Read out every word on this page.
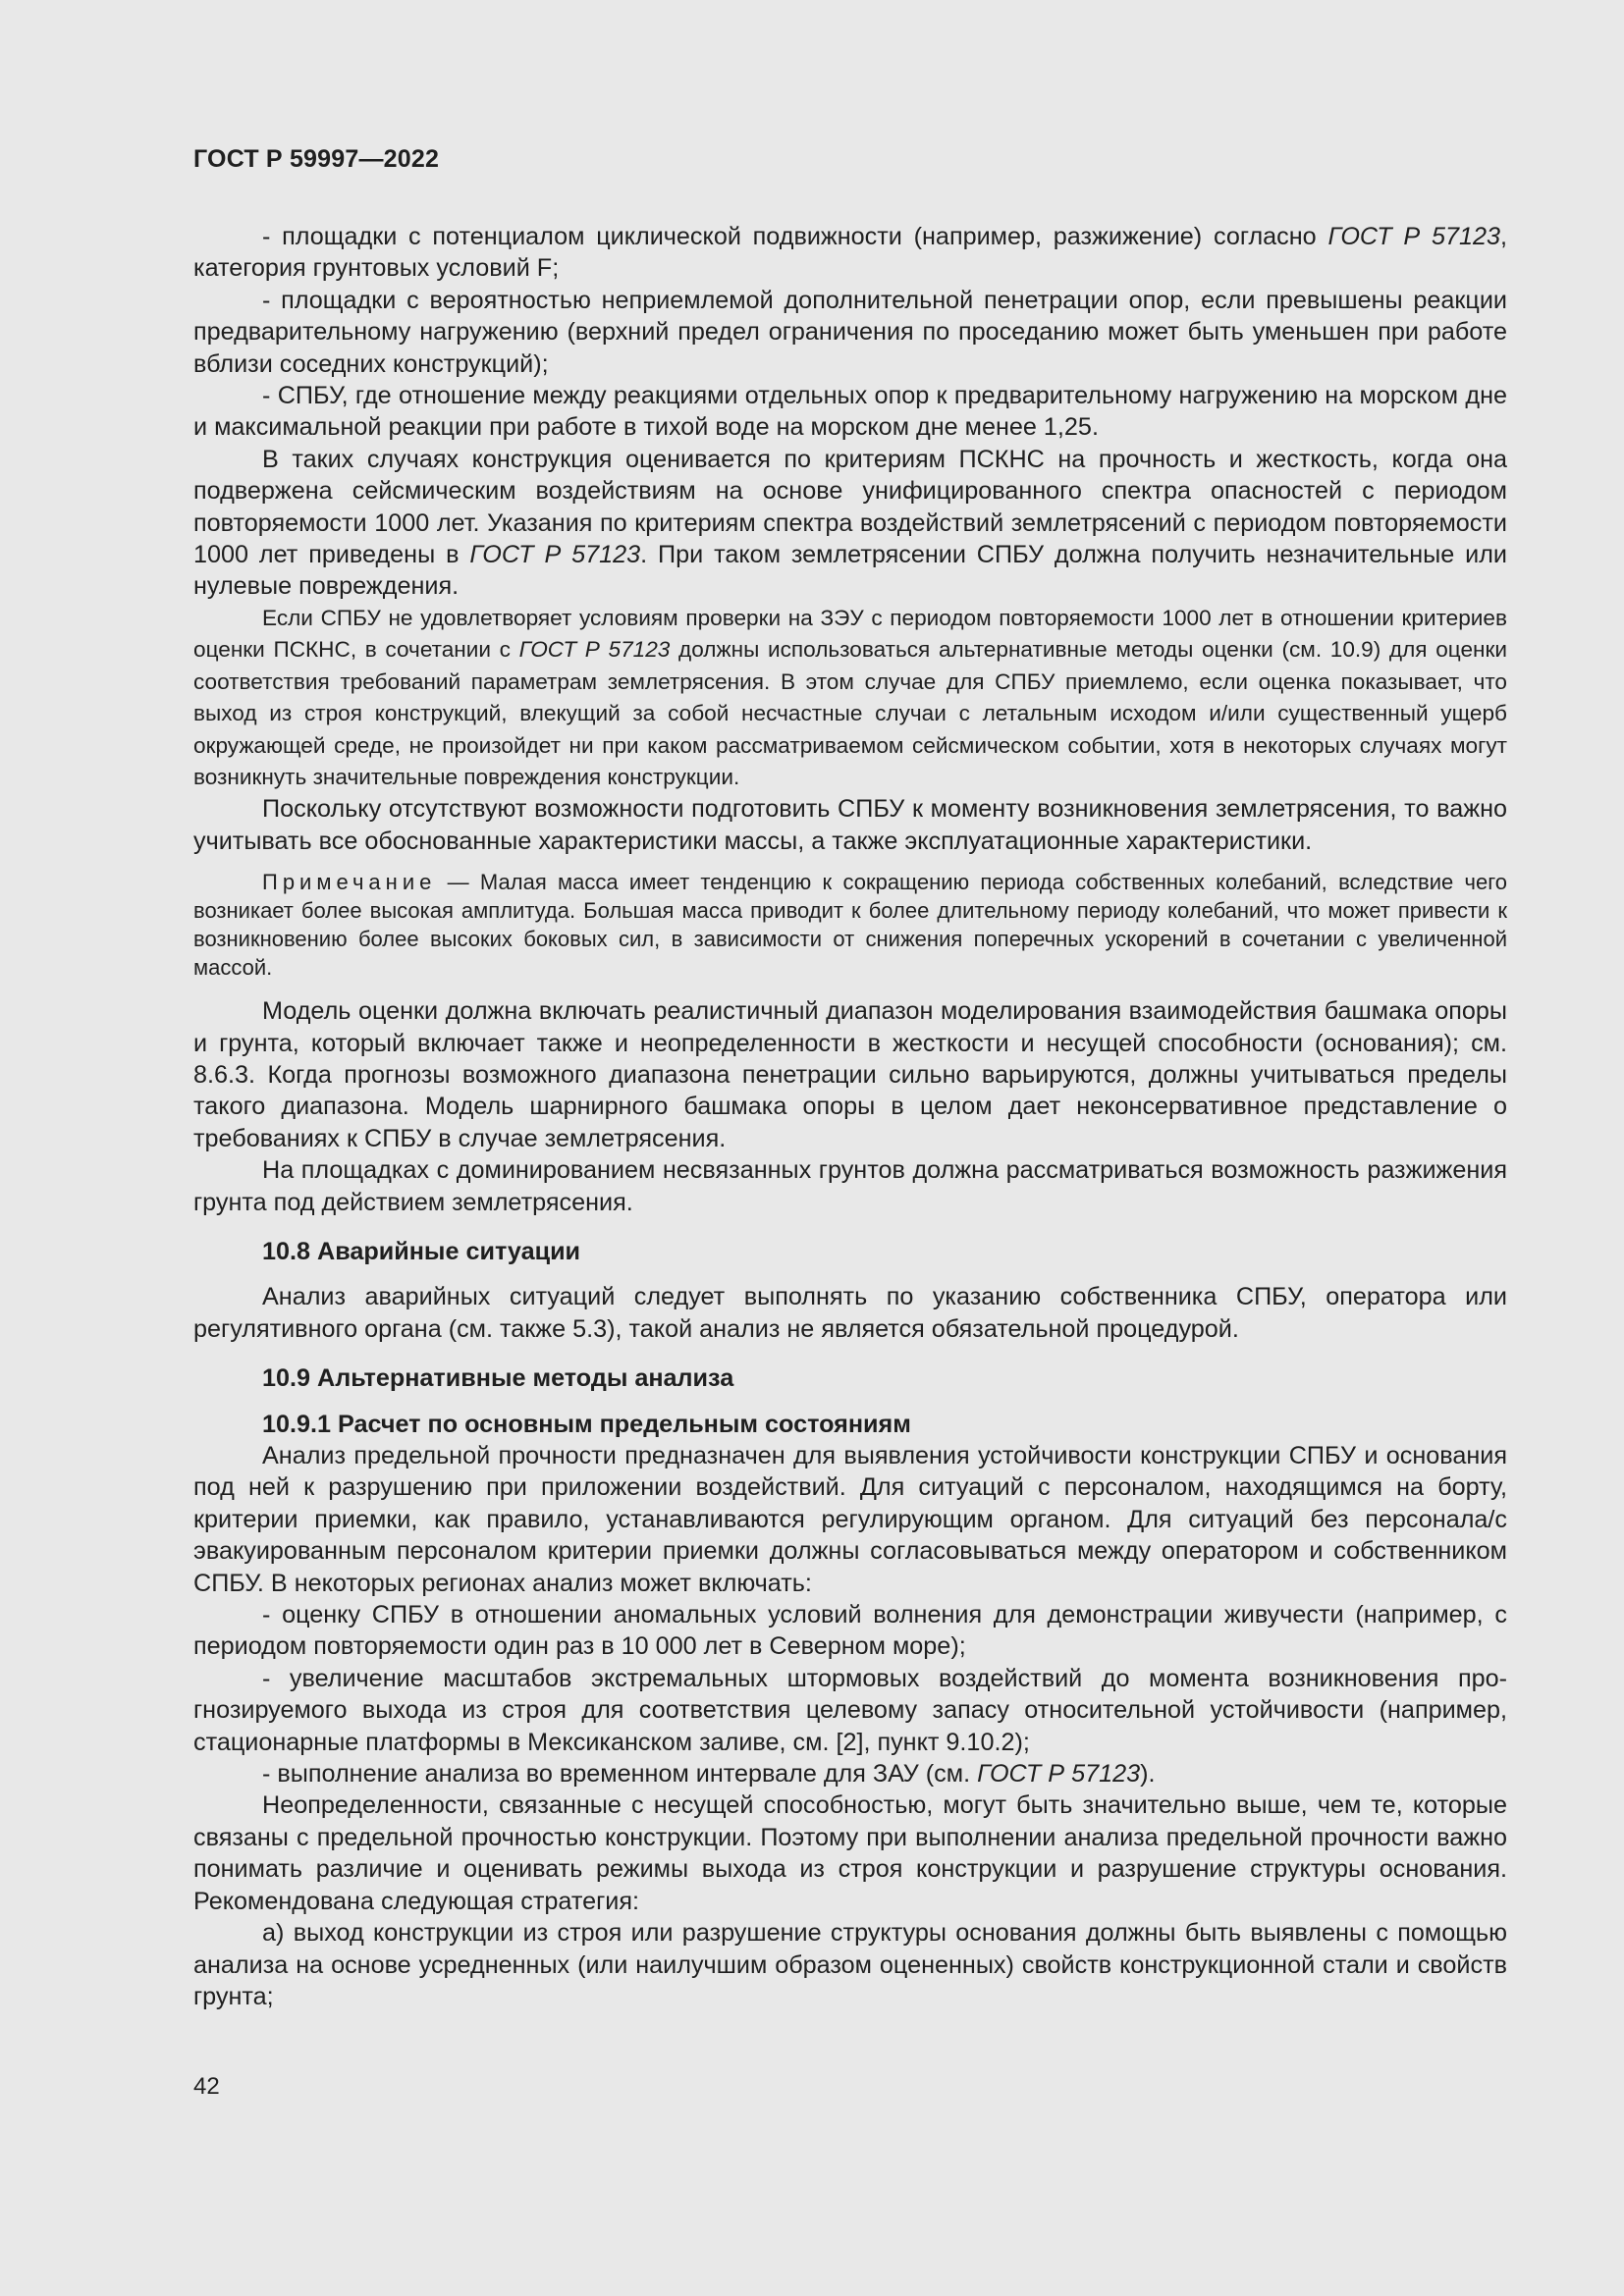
ГОСТ Р 59997—2022

- площадки с потенциалом циклической подвижности (например, разжижение) согласно ГОСТ Р 57123, категория грунтовых условий F;

- площадки с вероятностью неприемлемой дополнительной пенетрации опор, если превышены реакции предварительному нагружению (верхний предел ограничения по проседанию может быть уменьшен при работе вблизи соседних конструкций);

- СПБУ, где отношение между реакциями отдельных опор к предварительному нагружению на морском дне и максимальной реакции при работе в тихой воде на морском дне менее 1,25.

В таких случаях конструкция оценивается по критериям ПСКНС на прочность и жесткость, когда она подвержена сейсмическим воздействиям на основе унифицированного спектра опасностей с периодом повторяемости 1000 лет. Указания по критериям спектра воздействий землетрясений с периодом повторяемости 1000 лет приведены в ГОСТ Р 57123. При таком землетрясении СПБУ должна получить незначительные или нулевые повреждения.

Если СПБУ не удовлетворяет условиям проверки на ЗЭУ с периодом повторяемости 1000 лет в отношении критериев оценки ПСКНС, в сочетании с ГОСТ Р 57123 должны использоваться альтернативные методы оценки (см. 10.9) для оценки соответствия требований параметрам землетрясения. В этом случае для СПБУ приемлемо, если оценка показывает, что выход из строя конструкций, влекущий за собой несчастные случаи с летальным исходом и/или существенный ущерб окружающей среде, не произойдет ни при каком рассматриваемом сейсмическом событии, хотя в некоторых случаях могут возникнуть значительные повреждения конструкции.

Поскольку отсутствуют возможности подготовить СПБУ к моменту возникновения землетрясения, то важно учитывать все обоснованные характеристики массы, а также эксплуатационные характеристики.

Примечание — Малая масса имеет тенденцию к сокращению периода собственных колебаний, вследствие чего возникает более высокая амплитуда. Большая масса приводит к более длительному периоду колебаний, что может привести к возникновению более высоких боковых сил, в зависимости от снижения поперечных ускорений в сочетании с увеличенной массой.

Модель оценки должна включать реалистичный диапазон моделирования взаимодействия башмака опоры и грунта, который включает также и неопределенности в жесткости и несущей способности (основания); см. 8.6.3. Когда прогнозы возможного диапазона пенетрации сильно варьируются, должны учитываться пределы такого диапазона. Модель шарнирного башмака опоры в целом дает неконсервативное представление о требованиях к СПБУ в случае землетрясения.

На площадках с доминированием несвязанных грунтов должна рассматриваться возможность разжижения грунта под действием землетрясения.

10.8 Аварийные ситуации

Анализ аварийных ситуаций следует выполнять по указанию собственника СПБУ, оператора или регулятивного органа (см. также 5.3), такой анализ не является обязательной процедурой.

10.9 Альтернативные методы анализа
10.9.1 Расчет по основным предельным состояниям

Анализ предельной прочности предназначен для выявления устойчивости конструкции СПБУ и основания под ней к разрушению при приложении воздействий. Для ситуаций с персоналом, находящимся на борту, критерии приемки, как правило, устанавливаются регулирующим органом. Для ситуаций без персонала/с эвакуированным персоналом критерии приемки должны согласовываться между оператором и собственником СПБУ. В некоторых регионах анализ может включать:

- оценку СПБУ в отношении аномальных условий волнения для демонстрации живучести (например, с периодом повторяемости один раз в 10 000 лет в Северном море);

- увеличение масштабов экстремальных штормовых воздействий до момента возникновения прогнозируемого выхода из строя для соответствия целевому запасу относительной устойчивости (например, стационарные платформы в Мексиканском заливе, см. [2], пункт 9.10.2);

- выполнение анализа во временном интервале для ЗАУ (см. ГОСТ Р 57123).

Неопределенности, связанные с несущей способностью, могут быть значительно выше, чем те, которые связаны с предельной прочностью конструкции. Поэтому при выполнении анализа предельной прочности важно понимать различие и оценивать режимы выхода из строя конструкции и разрушение структуры основания. Рекомендована следующая стратегия:

а) выход конструкции из строя или разрушение структуры основания должны быть выявлены с помощью анализа на основе усредненных (или наилучшим образом оцененных) свойств конструкционной стали и свойств грунта;

42
